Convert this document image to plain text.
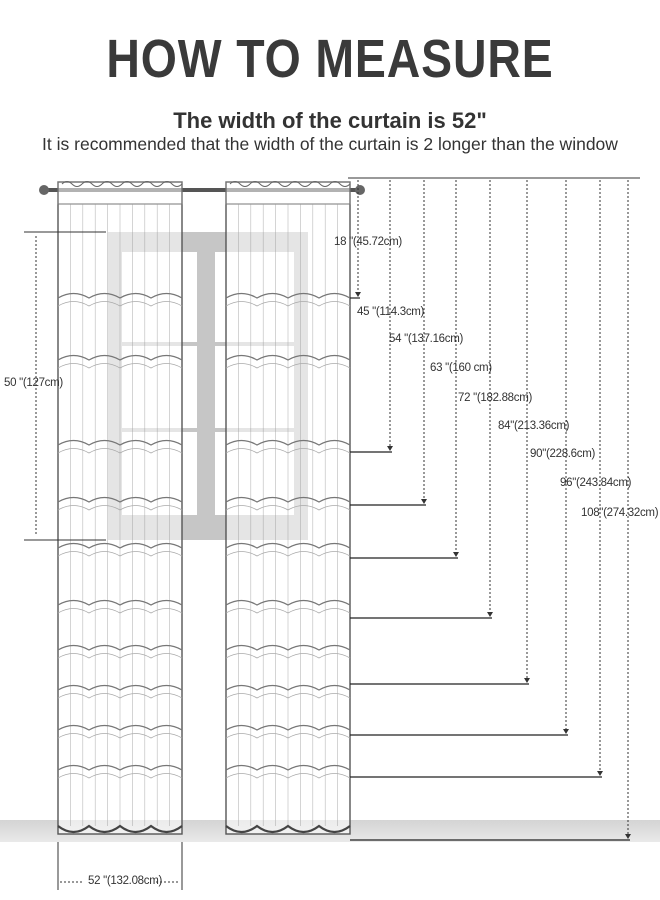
HOW TO MEASURE
The width of the curtain is 52"
It is recommended that the width of the curtain is 2 longer than the window
50 "(127cm)
52 "(132.08cm)
18 "(45.72cm)
45 "(114.3cm)
54 "(137.16cm)
63 "(160 cm)
72 "(182.88cm)
84"(213.36cm)
90"(228.6cm)
96"(243.84cm)
108"(274.32cm)
